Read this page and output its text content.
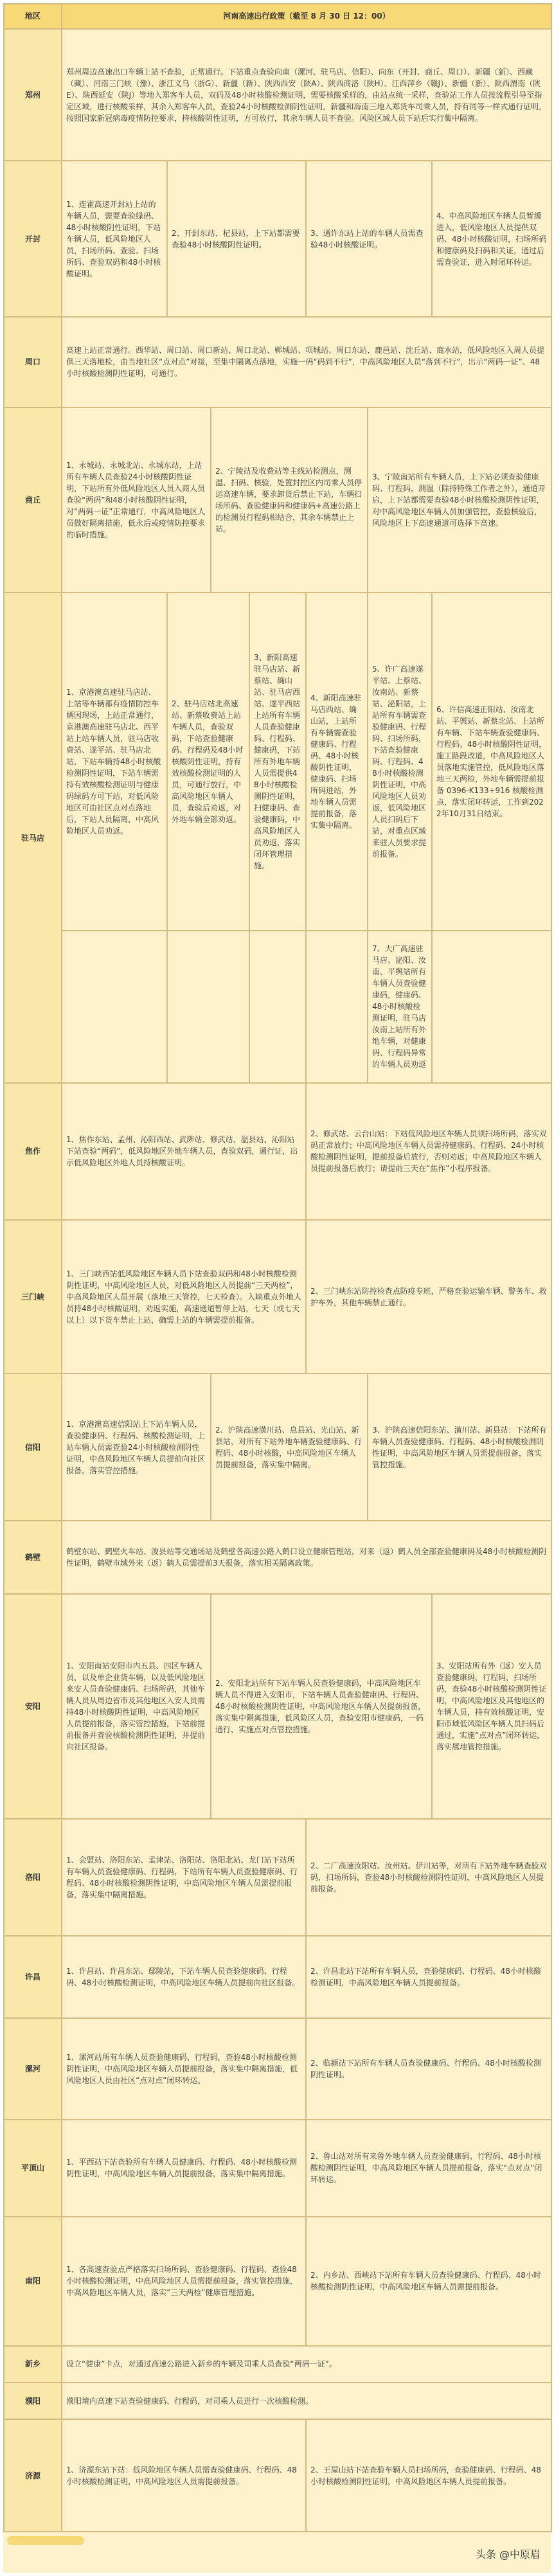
地区	河南高速出行政策（截至 8 月 30 日 12：00）						
郑州	郑州周边高速出口车辆上站不查验，正常通行。下站重点查验向南（漯河、驻马店、信阳）、向东（开封、商丘、周口）、新疆（新）、西藏（藏）、河南三门峡（豫）、浙江义乌（浙G）、新疆（新）、陕西西安（陕A）、陕西商洛（陕H）、江西萍乡（赣J）、新疆（新）、陕西渭南（陕E）、陕西延安（陕J）等地入郑客车人员，双码及48小时核酸检测证明，需要核酸采样的，由站点统一采样，查验站工作人员按流程引导至指定区域，进行核酸采样，其余入郑客车人员，查验24小时核酸检测阴性证明，新疆和海南三地入郑货车司乘人员，持有同等一样式通行证明，按照国家新冠病毒疫情防控要求，持核酸阴性证明，方可放行，其余车辆人员不查验。风险区域人员下站后实行集中隔离。						
开封	1、连霍高速开封站上站的车辆人员，需要查验绿码、48小时核酸阴性证明，下站车辆人员，低风险地区人员，扫场所码、查验、扫场所码、查验双码和48小时核酸证明。	2、开封东站、杞县站，上下站都需要查验48小时核酸阴性证明。			3、通许东站上站的车辆人员需查验48小时核酸证明。		4、中高风险地区车辆人员暂缓进入，低风险地区人员提供双码、48小时核酸证明，扫场所码和健康码及扫码和关证，通过后需查验证，进入时闭环转运。
周口	高速上站正常通行。西华站、周口站、周口新站、周口北站、郸城站、项城站、周口东站、鹿邑站、沈丘站、商水站，低风险地区入周人员提供三天落地检，由当地社区“点对点”对接，至集中隔离点落地，实施一码“码到不行”，中高风险地区人员“落到不行”，出示“两码一证”、48小时核酸检测阴性证明，可通行。						
商丘	1、永城站、永城北站、永城东站，上站所有车辆人员查验24小时核酸阴性证明，下站所有外低风险地区人员入商人员查验“两码”和48小时核酸阴性证明，对“两码一证”正常通行，中高风险地区人员做好隔离措施，低永后或疫情防控要求的临时措施。		2、宁陵站及收费站等主线站检测点，测温、扫码、核验，处置封控区内司乘人员停运高速车辆，要求卸货后禁止下站，车辆扫场所码、查验健康码和健康码+高速公路上的检测员行程码相结合，其余车辆禁止上站。			3、宁陵南站所有车辆人员，上下站必须查验健康码、行程码，测温（除持特殊工作者之外），通道开启，上下站都需要查验48小时核酸检测阴性证明，对中高风险地区车辆人员加强管控，查验核验后，风险地区上下高速通道可选择下高速。	
驻马店	1、京港澳高速驻马店站、上站等车辆都有疫情防控车辆因现场，上站正常通行，京港澳高速驻马店北、西平站上站车辆人员，驻马店收费站、遂平站、驻马店北站，下站车辆持48小时核酸检测阴性证明，下站车辆需持有效核酸检测证明与健康码绿码方可下站，对低风险地区可由社区点对点落地后，下站人员隔离，中高风险地区人员劝返。	2、驻马店站北高速站、新蔡收费站上站车辆人员，查验双码，下站查验健康码、行程码及48小时核酸阴性证明，持有效核酸检测证明的人员，可通行放行，中高风险地区车辆人员，查验后劝返，对外地车辆全部劝返。		3、新阳高速驻马店站、新蔡站、确山站、驻马店西站、遂平西站上站所有车辆人员查验健康码、行程码、健康码，下站所有外地车辆人员需提供48小时核酸检测阴性证明，扫健康码、查验健康码，中高风险地区人员劝返，落实闭环管理措施。	4、新阳高速驻马店西站、确山站，上站所有车辆需查验健康码、行程码、48小时核酸阴性证明，健康码、扫场所码进站，外地车辆人员需提前报备，落实集中隔离。	5、许广高速遂平站、上蔡站、汝南站、新蔡站、泌阳站，上站所有车辆需查验健康码、行程码、扫场所码，下站查验健康码、行程码、48小时核酸检测阴性证明，中高风险地区人员劝返，低风险地区人员扫码后下站，对重点区域来驻人员要求提前报备。	6、许信高速正阳站、汝南北站、平舆站、新蔡北站、上站所有车辆、下站车辆查验健康码、行程码、48小时核酸阴性证明，施工路段改道，中高风险地区人员落地实施管控，低风险地区落地三天两检，外地车辆需提前报备 0396-K133+916 核酸检测点，落实闭环转运，工作到2022年10月31日结束。
						7、大广高速驻马店、泌阳、汝南、平舆站所有车辆人员查验健康码，健康码、48小时核酸检测证明，驻马店汝南上站所有外地车辆，对健康码、行程码异常的车辆人员劝返	
焦作	1、焦作东站、孟州、沁阳西站、武陟站、修武站、温县站、沁阳站下站查验“两码”，低风险地区外地车辆人员，查验双码，通行证，出示低风险地区外地人员持核酸证明。				2、修武站、云台山站：下站低风险地区车辆人员须扫场所码，落实双码正常放行；中高风险地区车辆人员需持健康码、行程码、24小时核酸检测阴性证明，提前报备后放行，否则劝返；中高风险地区车辆人员提前报备后放行；请提前三天在“焦作”小程序报备。		
三门峡	1、三门峡西站低风险地区车辆人员下站查验双码和48小时核酸检测阴性证明，中高风险地区人员，对低风险地区人员提前“三天两检”，中高风险地区人员开展（落地三天管控，七天检查）。入峡重点外地人员持48小时核酸证明，劝返实施，高速通道暂停上站，七天（或七天以上）以下货车禁止上站，确需上站的车辆需提前报备。				2、三门峡东站防控检查点防疫专班，严格查验运输车辆、警务车、救护车外，其他车辆禁止通行。		
信阳	1、京港澳高速信阳站上下站车辆人员，查验健康码、行程码、核酸检测证明，上站车辆人员需查验24小时核酸检测阴性证明，中高风险地区车辆人员提前向社区报备，落实管控措施。		2、沪陕高速潢川站、息县站、光山站、新县站，对所有下站外地车辆查验健康码、行程码、48小时核酸，中高风险地区车辆人员提前报备，落实集中隔离。			3、沪陕高速信阳东站、潢川站、新县站：下站所有车辆人员查验健康码、行程码、48小时核酸检测阴性证明，中高风险地区车辆人员需提前报备，落实管控措施。	
鹤壁	鹤壁东站、鹤壁火车站、浚县站等交通场站及鹤壁各高速公路入鹤口设立健康管理站，对来（返）鹤人员全部查验健康码及48小时核酸检测阴性证明，鹤壁市域外来（返）鹤人员需提前3天报备，落实相关隔离政策。						
安阳	1、安阳南站安阳市内五县、四区车辆人员，以及单企业货车辆，以及低风险地区来安人员查验健康码、扫场所码，其他车辆人员从周边省市及其他地区入安人员需持48小时核酸阴性证明，中高风险地区人员提前报备，落实管控措施，下站前提前报备并查验核酸检测阴性证明，并提前向社区报备。		2、安阳北站所有下站车辆人员查验健康码，中高风险地区车辆人员不得进入安阳市，下站车辆人员查验健康码、行程码、48小时核酸检测阴性证明，中高风险地区车辆人员提前报备，落实集中隔离措施，低风险区人员，查验安阳市健康码，一码通行，实施点对点管控措施。				3、安阳站所有外（返）安人员查验健康码，行程码，扫场所码，查验48小时核酸检测阴性证明，中高风险地区及其他地区的车辆人员，持有效核酸证明，安阳市域低风险区车辆人员扫码后通过，实施“点对点”闭环转运，落实属地管控措施。
洛阳	1、会盟站、洛阳东站、孟津站、洛阳站、洛阳北站、龙门站下站所有车辆人员查验健康码、行程码，下站所有车辆人员查验健康码、行程码、48小时核酸检测阴性证明，中高风险地区车辆人员需提前报备，落实集中隔离措施。				2、二广高速汝阳站、汝州站、伊川站等，对所有下站外地车辆查验双码，扫场所码，查验48小时核酸检测阴性证明，中高风险地区人员提前报备。		
许昌	1、许昌站、许昌东站、鄢陵站，下站车辆人员查验健康码、行程码、48小时核酸检测证明，中高风险地区车辆人员提前向社区报备。				2、许昌北站下站所有车辆人员，查验健康码、行程码、48小时核酸检测证明，中高风险地区车辆人员提前报备。		
漯河	1、漯河站所有车辆人员查验健康码、行程码，查验48小时核酸检测阴性证明，中高风险地区车辆人员提前报备，落实集中隔离措施，低风险地区人员由社区“点对点”闭环转运。				2、临颍站下站所有车辆人员查验健康码、行程码、48小时核酸检测阴性证明。		
平顶山	1、平西站下站查验所有车辆人员健康码、行程码、48小时核酸检测阴性证明，中高风险地区车辆人员提前报备，落实集中隔离措施。				2、鲁山站对所有来鲁外地车辆人员查验健康码、行程码、48小时核酸检测阴性证明，中高风险地区车辆人员提前报备，落实“点对点”闭环转运。		
南阳	1、各高速查验点严格落实扫场所码、查验健康码、行程码，查验48小时核酸检测证明，中高风险地区人员需提前报备，落实管控措施，中高风险地区车辆人员，落实“三天两检”健康管理措施。				2、内乡站、西峡站下站所有车辆人员查验健康码、行程码、48小时核酸检测阴性证明，中高风险地区车辆人员需提前报备。		
新乡	设立“健康”卡点，对通过高速公路进入新乡的车辆及司乘人员查验“两码一证”。						
濮阳	濮阳境内高速下站查验健康码、行程码，对司乘人员进行一次核酸检测。						
济源	1、济源东站下站：低风险地区车辆人员需查验健康码、行程码、48小时核酸检测证明，中高风险地区人员需提前报备。				2、王屋山站下站查验车辆人员扫场所码，查验健康码、行程码、48小时核酸检测阴性证明，中高风险地区车辆人员提前报备。		
头条 @中原眉
